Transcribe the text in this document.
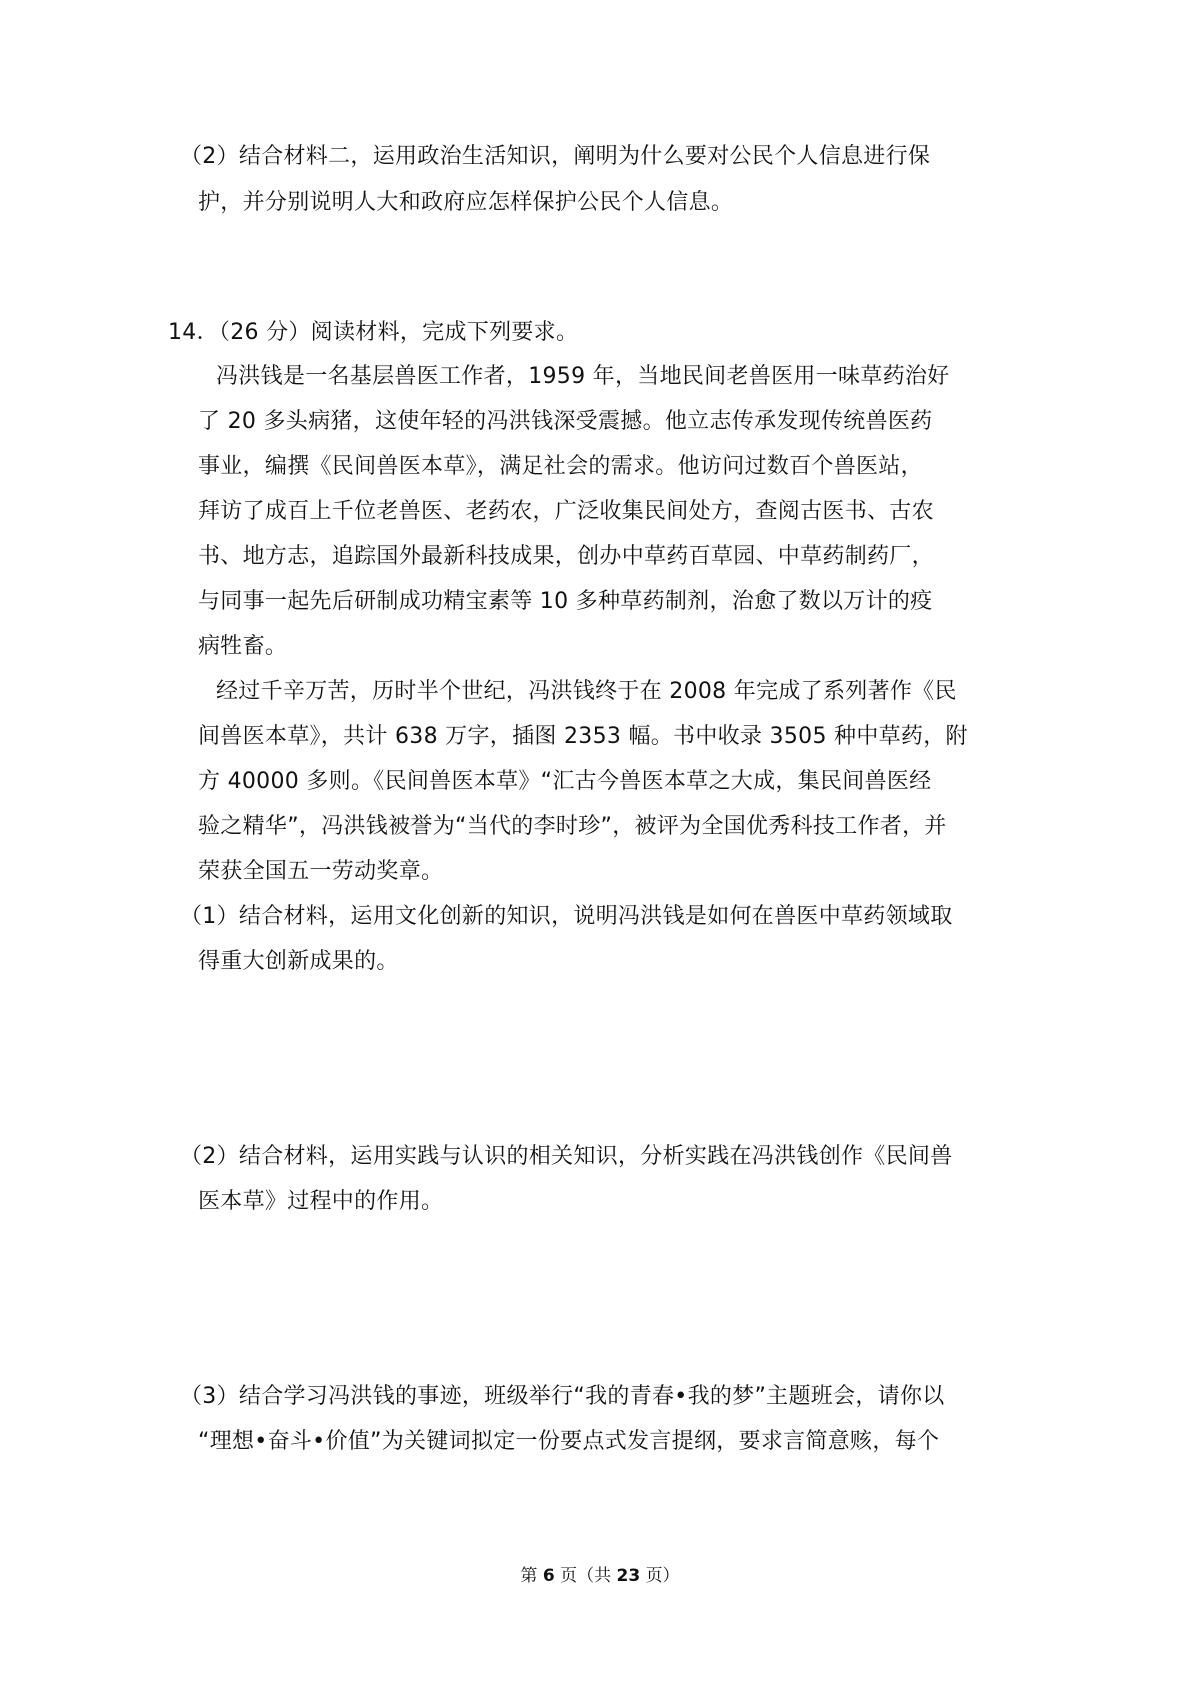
（2）结合材料二，运用政治生活知识，阐明为什么要对公民个人信息进行保
护，并分别说明人大和政府应怎样保护公民个人信息。
14．（26 分）阅读材料，完成下列要求。
冯洪钱是一名基层兽医工作者，1959 年，当地民间老兽医用一味草药治好
了 20 多头病猪，这使年轻的冯洪钱深受震撼。他立志传承发现传统兽医药
事业，编撰《民间兽医本草》，满足社会的需求。他访问过数百个兽医站，
拜访了成百上千位老兽医、老药农，广泛收集民间处方，查阅古医书、古农
书、地方志，追踪国外最新科技成果，创办中草药百草园、中草药制药厂，
与同事一起先后研制成功精宝素等 10 多种草药制剂，治愈了数以万计的疫
病牲畜。
经过千辛万苦，历时半个世纪，冯洪钱终于在 2008 年完成了系列著作《民
间兽医本草》，共计 638 万字，插图 2353 幅。书中收录 3505 种中草药，附
方 40000 多则。《民间兽医本草》“汇古今兽医本草之大成，集民间兽医经
验之精华”，冯洪钱被誉为“当代的李时珍”，被评为全国优秀科技工作者，并
荣获全国五一劳动奖章。
（1）结合材料，运用文化创新的知识，说明冯洪钱是如何在兽医中草药领域取
得重大创新成果的。
（2）结合材料，运用实践与认识的相关知识，分析实践在冯洪钱创作《民间兽
医本草》过程中的作用。
（3）结合学习冯洪钱的事迹，班级举行“我的青春•我的梦”主题班会，请你以
“理想•奋斗•价值”为关键词拟定一份要点式发言提纲，要求言简意赅，每个
第 6 页（共 23 页）
